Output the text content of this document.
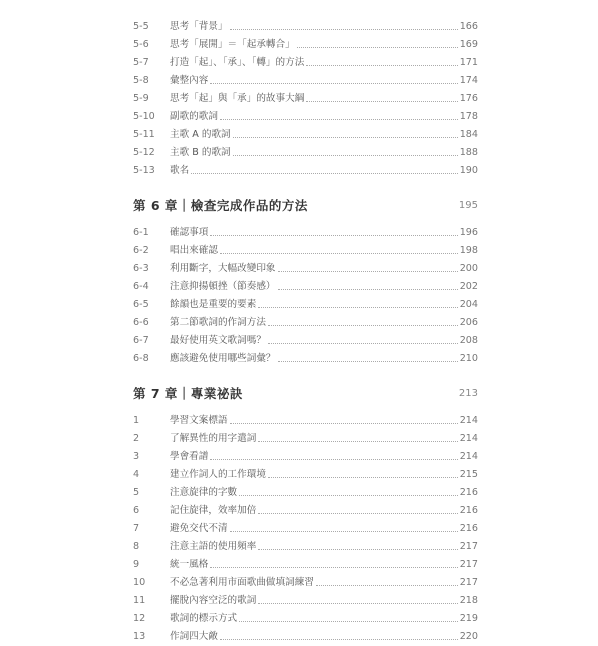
5-5	思考「背景」	166
5-6	思考「展開」＝「起承轉合」	169
5-7	打造「起」、「承」、「轉」的方法	171
5-8	彙整內容	174
5-9	思考「起」與「承」的故事大綱	176
5-10	副歌的歌詞	178
5-11	主歌 A 的歌詞	184
5-12	主歌 B 的歌詞	188
5-13	歌名	190
第 6 章｜檢查完成作品的方法	195
6-1	確認事項	196
6-2	唱出來確認	198
6-3	利用斷字，大幅改變印象	200
6-4	注意抑揚頓挫（節奏感）	202
6-5	餘韻也是重要的要素	204
6-6	第二節歌詞的作詞方法	206
6-7	最好使用英文歌詞嗎？	208
6-8	應該避免使用哪些詞彙？	210
第 7 章｜專業祕訣	213
1	學習文案標語	214
2	了解異性的用字遣詞	214
3	學會看譜	214
4	建立作詞人的工作環境	215
5	注意旋律的字數	216
6	記住旋律，效率加倍	216
7	避免交代不清	216
8	注意主語的使用頻率	217
9	統一風格	217
10	不必急著利用市面歌曲做填詞練習	217
11	擺脫內容空泛的歌詞	218
12	歌詞的標示方式	219
13	作詞四大敵	220
